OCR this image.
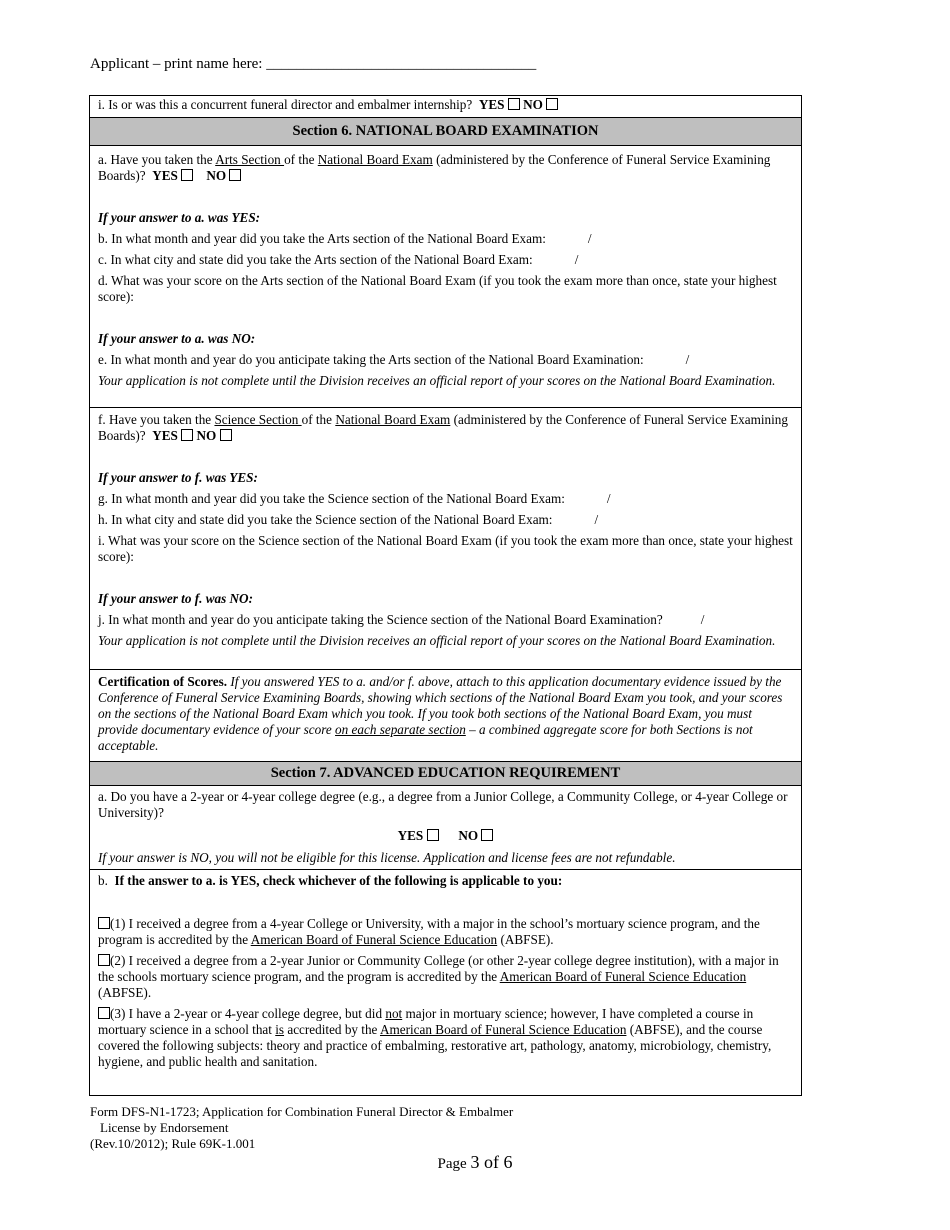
Applicant – print name here: ____________________________________

i. Is or was this a concurrent funeral director and embalmer internship? YES NO

Section 6. NATIONAL BOARD EXAMINATION

a. Have you taken the Arts Section of the National Board Exam (administered by the Conference of Funeral Service Examining Boards)? YES NO

If your answer to a. was YES:

b. In what month and year did you take the Arts section of the National Board Exam:	/

c. In what city and state did you take the Arts section of the National Board Exam:	/

d. What was your score on the Arts section of the National Board Exam (if you took the exam more than once, state your highest score):

If your answer to a. was NO:

e. In what month and year do you anticipate taking the Arts section of the National Board Examination:	/

Your application is not complete until the Division receives an official report of your scores on the National Board Examination.

f. Have you taken the Science Section of the National Board Exam (administered by the Conference of Funeral Service Examining Boards)? YES NO

If your answer to f. was YES:

g. In what month and year did you take the Science section of the National Board Exam:	/

h. In what city and state did you take the Science section of the National Board Exam:	/

i. What was your score on the Science section of the National Board Exam (if you took the exam more than once, state your highest score):

If your answer to f. was NO:

j. In what month and year do you anticipate taking the Science section of the National Board Examination?	/

Your application is not complete until the Division receives an official report of your scores on the National Board Examination.

Certification of Scores. If you answered YES to a. and/or f. above, attach to this application documentary evidence issued by the Conference of Funeral Service Examining Boards, showing which sections of the National Board Exam you took, and your scores on the sections of the National Board Exam which you took. If you took both sections of the National Board Exam, you must provide documentary evidence of your score on each separate section – a combined aggregate score for both Sections is not acceptable.

Section 7. ADVANCED EDUCATION REQUIREMENT

a. Do you have a 2-year or 4-year college degree (e.g., a degree from a Junior College, a Community College, or 4-year College or University)?

YES	NO

If your answer is NO, you will not be eligible for this license. Application and license fees are not refundable.

b. If the answer to a. is YES, check whichever of the following is applicable to you:

(1) I received a degree from a 4-year College or University, with a major in the school’s mortuary science program, and the program is accredited by the American Board of Funeral Science Education (ABFSE).

(2) I received a degree from a 2-year Junior or Community College (or other 2-year college degree institution), with a major in the schools mortuary science program, and the program is accredited by the American Board of Funeral Science Education (ABFSE).

(3) I have a 2-year or 4-year college degree, but did not major in mortuary science; however, I have completed a course in mortuary science in a school that is accredited by the American Board of Funeral Science Education (ABFSE), and the course covered the following subjects: theory and practice of embalming, restorative art, pathology, anatomy, microbiology, chemistry, hygiene, and public health and sanitation.

Form DFS-N1-1723; Application for Combination Funeral Director & Embalmer
License by Endorsement
(Rev.10/2012); Rule 69K-1.001
Page 3 of 6
